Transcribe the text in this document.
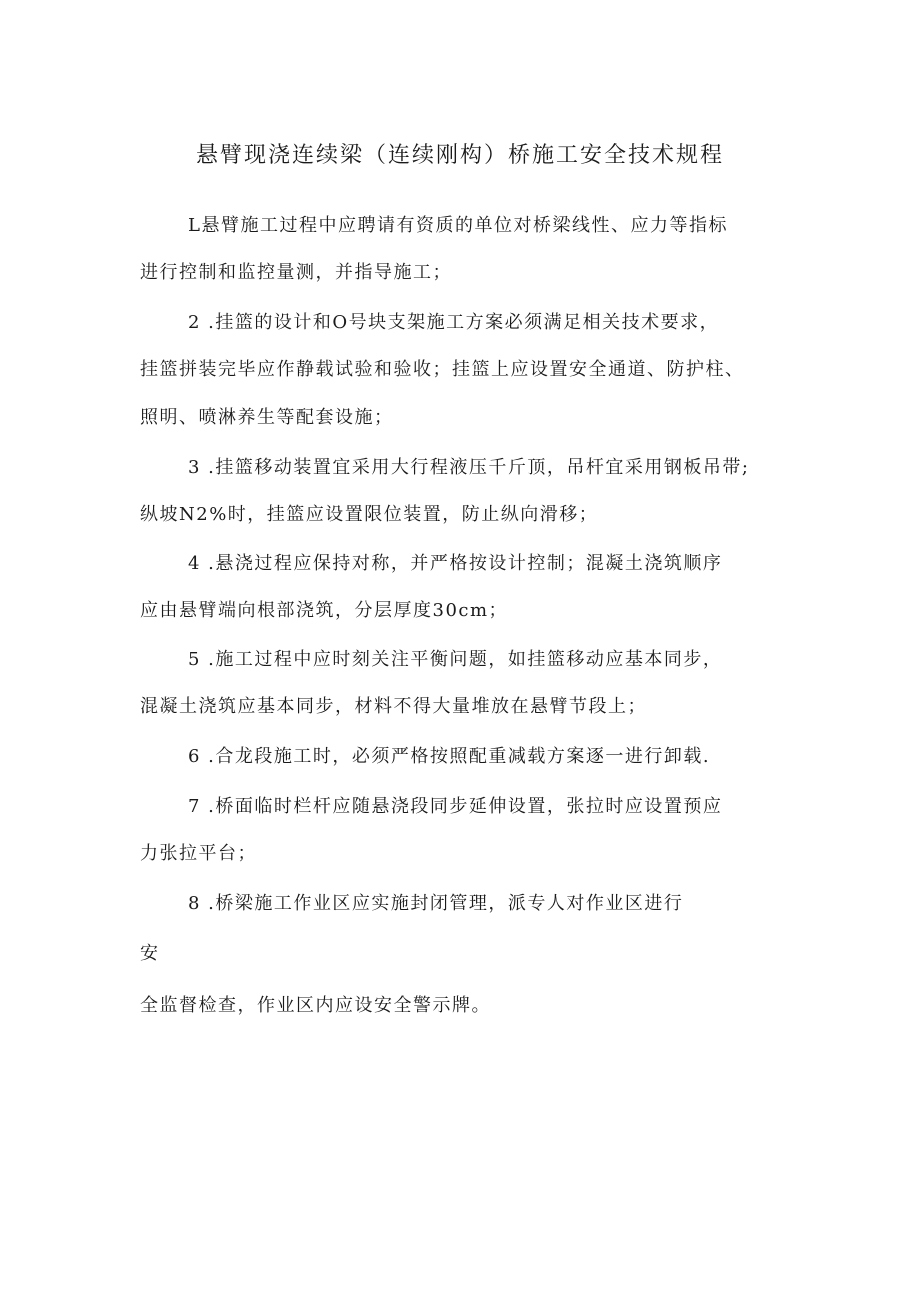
悬臂现浇连续梁（连续刚构）桥施工安全技术规程
L悬臂施工过程中应聘请有资质的单位对桥梁线性、应力等指标
进行控制和监控量测，并指导施工；
2 .挂篮的设计和O号块支架施工方案必须满足相关技术要求，
挂篮拼装完毕应作静载试验和验收；挂篮上应设置安全通道、防护柱、
照明、喷淋养生等配套设施；
3 .挂篮移动装置宜采用大行程液压千斤顶，吊杆宜采用钢板吊带;
纵坡N2%时，挂篮应设置限位装置，防止纵向滑移；
4 .悬浇过程应保持对称，并严格按设计控制；混凝土浇筑顺序
应由悬臂端向根部浇筑，分层厚度30cm；
5 .施工过程中应时刻关注平衡问题，如挂篮移动应基本同步，
混凝土浇筑应基本同步，材料不得大量堆放在悬臂节段上；
6 .合龙段施工时，必须严格按照配重减载方案逐一进行卸载.
7 .桥面临时栏杆应随悬浇段同步延伸设置，张拉时应设置预应
力张拉平台；
8 .桥梁施工作业区应实施封闭管理，派专人对作业区进行
安
全监督检查，作业区内应设安全警示牌。
